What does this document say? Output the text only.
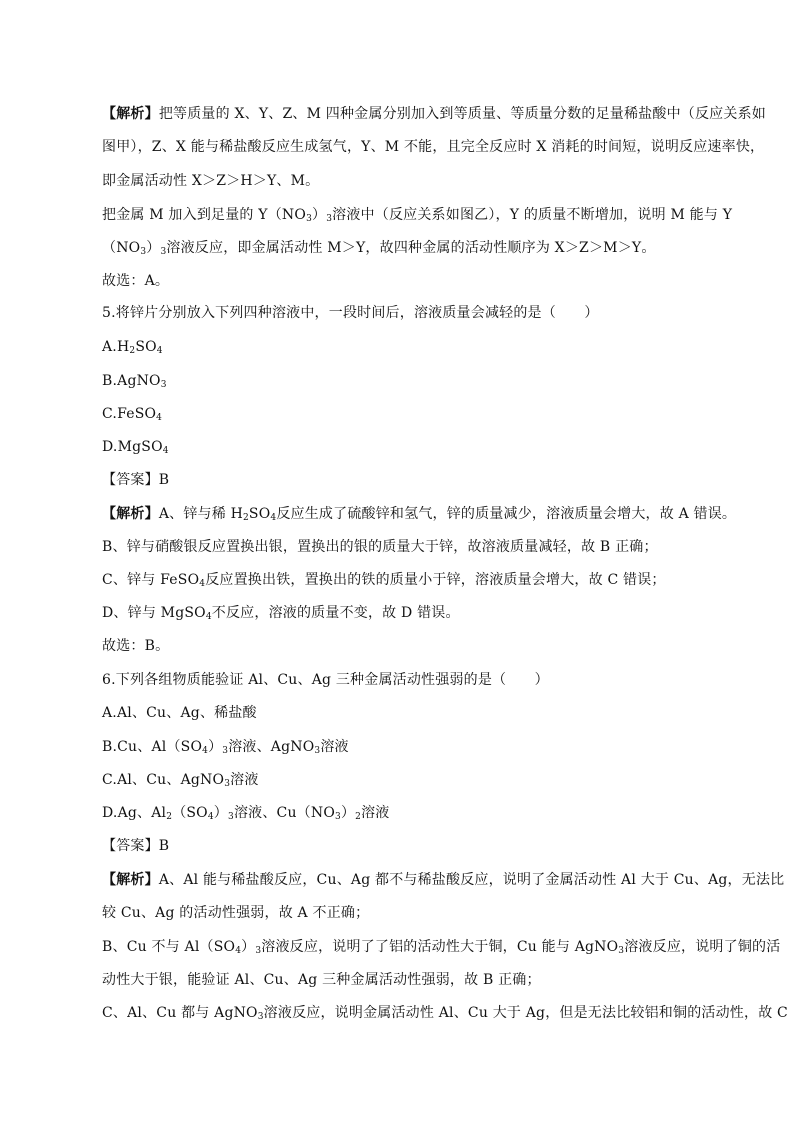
【解析】把等质量的 X、Y、Z、M 四种金属分别加入到等质量、等质量分数的足量稀盐酸中（反应关系如
图甲），Z、X 能与稀盐酸反应生成氢气，Y、M 不能，且完全反应时 X 消耗的时间短，说明反应速率快，
即金属活动性 X＞Z＞H＞Y、M。
把金属 M 加入到足量的 $Y(NO_3)_3$溶液中（反应关系如图乙），Y 的质量不断增加，说明 M 能与 Y
$(NO_3)_3$溶液反应，即金属活动性 M＞Y，故四种金属的活动性顺序为 X＞Z＞M＞Y。
故选：A。
5.将锌片分别放入下列四种溶液中，一段时间后，溶液质量会减轻的是（　　）
$A.H_2SO_4$
B.AgNO$_3$
C.FeSO$_4$
D.MgSO$_4$
【答案】B
【解析】A、锌与稀 $H_2SO_4$反应生成了硫酸锌和氢气，锌的质量减少，溶液质量会增大，故 A 错误。
B、锌与硝酸银反应置换出银，置换出的银的质量大于锌，故溶液质量减轻，故 B 正确；
C、锌与 FeSO$_4$反应置换出铁，置换出的铁的质量小于锌，溶液质量会增大，故 C 错误；
D、锌与 MgSO$_4$不反应，溶液的质量不变，故 D 错误。
故选：B。
6.下列各组物质能验证 Al、Cu、Ag 三种金属活动性强弱的是（　　）
A.Al、Cu、Ag、稀盐酸
B.Cu、$Al(SO_4)_3$溶液、AgNO$_3$溶液
C.Al、Cu、AgNO$_3$溶液
D.Ag、$Al_2(SO_4)_3$溶液、$Cu(NO_3)_2$溶液
【答案】B
【解析】A、Al 能与稀盐酸反应，Cu、Ag 都不与稀盐酸反应，说明了金属活动性 Al 大于 Cu、Ag，无法比
较 Cu、Ag 的活动性强弱，故 A 不正确；
B、Cu 不与 $Al(SO_4)_3$溶液反应，说明了了铝的活动性大于铜，Cu 能与 AgNO$_3$溶液反应，说明了铜的活
动性大于银，能验证 Al、Cu、Ag 三种金属活动性强弱，故 B 正确；
C、Al、Cu 都与 AgNO$_3$溶液反应，说明金属活动性 Al、Cu 大于 Ag，但是无法比较铝和铜的活动性，故 C
